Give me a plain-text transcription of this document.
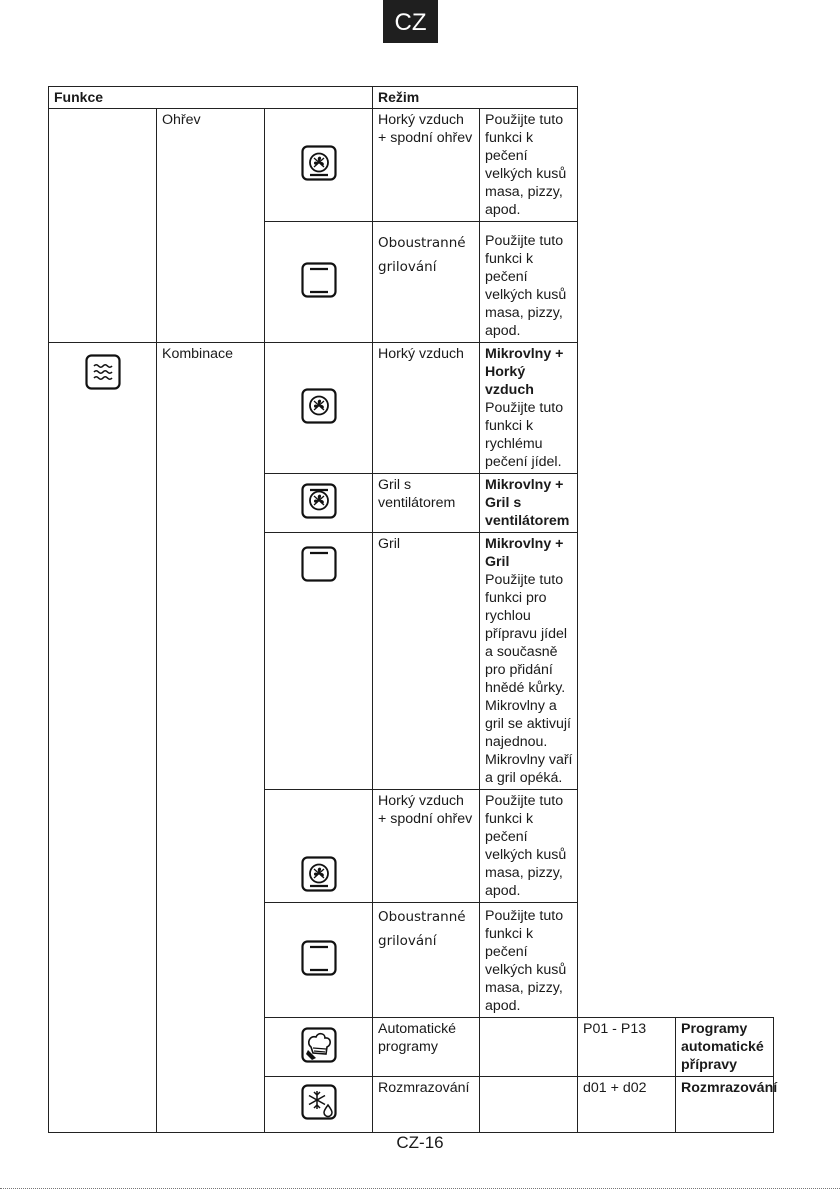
CZ
Funkce			Režim			
	Ohřev		Horký vzduch + spodní ohřev	Použijte tuto funkci k pečení velkých kusů masa, pizzy, apod.		

	Oboustranné grilování	Použijte tuto funkci k pečení velkých kusů masa, pizzy, apod.		

	Kombinace		Horký vzduch	Mikrovlny + Horký vzduch
Použijte tuto funkci k rychlému pečení jídel.		

	Gril s ventilátorem	Mikrovlny + Gril s ventilátorem		

	Gril	Mikrovlny + Gril
Použijte tuto funkci pro rychlou přípravu jídel a současně pro přidání hnědé kůrky. Mikrovlny a gril se aktivují najednou. Mikrovlny vaří a gril opéká.		

	Horký vzduch + spodní ohřev	Použijte tuto funkci k pečení velkých kusů masa, pizzy, apod.		

	Oboustranné grilování	Použijte tuto funkci k pečení velkých kusů masa, pizzy, apod.		

	Automatické programy		P01 - P13	Programy automatické přípravy

	Rozmrazování		d01 + d02	Rozmrazování
CZ-16
